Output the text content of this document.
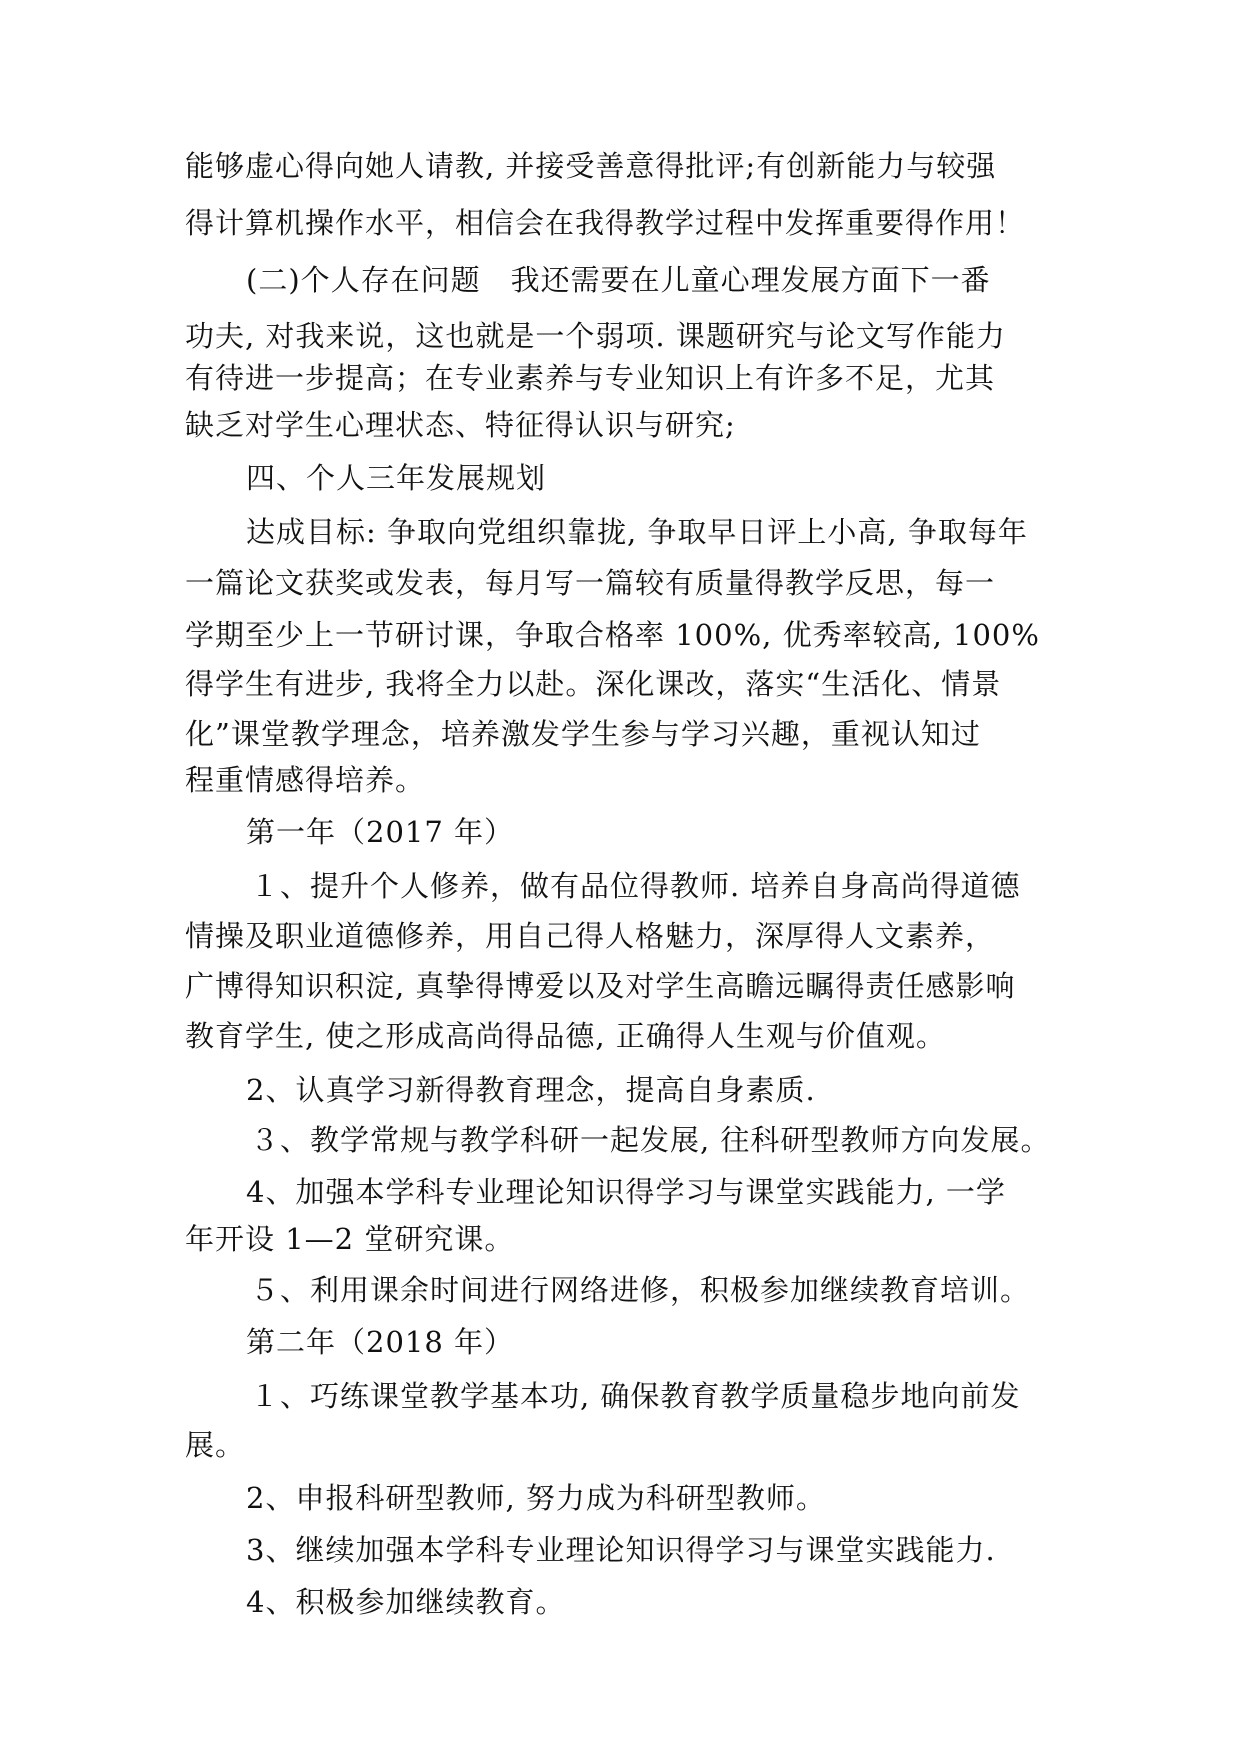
能够虚心得向她人请教, 并接受善意得批评;有创新能力与较强
得计算机操作水平，相信会在我得教学过程中发挥重要得作用！
(二)个人存在问题　我还需要在儿童心理发展方面下一番
功夫, 对我来说，这也就是一个弱项. 课题研究与论文写作能力
有待进一步提高；在专业素养与专业知识上有许多不足，尤其
缺乏对学生心理状态、特征得认识与研究;
四、个人三年发展规划
达成目标: 争取向党组织靠拢, 争取早日评上小高, 争取每年
一篇论文获奖或发表，每月写一篇较有质量得教学反思，每一
学期至少上一节研讨课，争取合格率 100%, 优秀率较高, 100%
得学生有进步, 我将全力以赴。深化课改，落实“生活化、情景
化”课堂教学理念，培养激发学生参与学习兴趣，重视认知过
程重情感得培养。
第一年（2017 年）
１、提升个人修养，做有品位得教师. 培养自身高尚得道德
情操及职业道德修养，用自己得人格魅力，深厚得人文素养，
广博得知识积淀, 真挚得博爱以及对学生高瞻远瞩得责任感影响
教育学生, 使之形成高尚得品德, 正确得人生观与价值观。
2、认真学习新得教育理念，提高自身素质.
３、教学常规与教学科研一起发展, 往科研型教师方向发展。
4、加强本学科专业理论知识得学习与课堂实践能力, 一学
年开设 1—2 堂研究课。
５、利用课余时间进行网络进修，积极参加继续教育培训。
第二年（2018 年）
１、巧练课堂教学基本功, 确保教育教学质量稳步地向前发
展。
2、申报科研型教师, 努力成为科研型教师。
3、继续加强本学科专业理论知识得学习与课堂实践能力.
4、积极参加继续教育。
